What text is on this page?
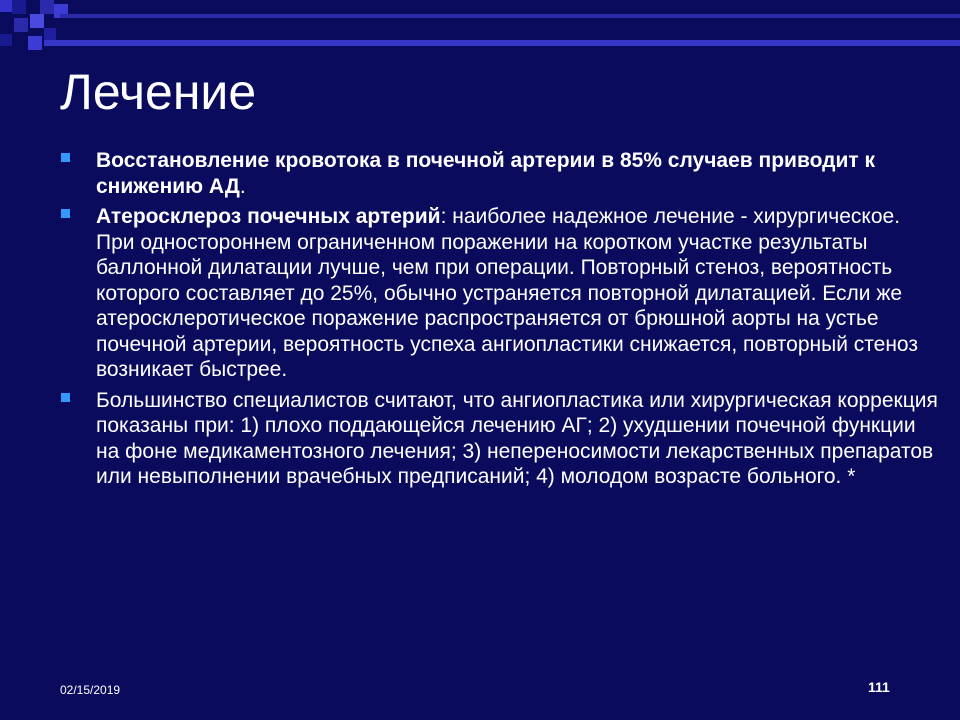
Лечение
Восстановление кровотока в почечной артерии в 85% случаев приводит к снижению АД.
Атеросклероз почечных артерий: наиболее надежное лечение - хирургическое. При одностороннем ограниченном поражении на коротком участке результаты баллонной дилатации лучше, чем при операции. Повторный стеноз, вероятность которого составляет до 25%, обычно устраняется повторной дилатацией. Если же атеросклеротическое поражение распространяется от брюшной аорты на устье почечной артерии, вероятность успеха ангиопластики снижается, повторный стеноз возникает быстрее.
Большинство специалистов считают, что ангиопластика или хирургическая коррекция показаны при: 1) плохо поддающейся лечению АГ; 2) ухудшении почечной функции на фоне медикаментозного лечения; 3) непереносимости лекарственных препаратов или невыполнении врачебных предписаний; 4) молодом возрасте больного. *
02/15/2019	111
